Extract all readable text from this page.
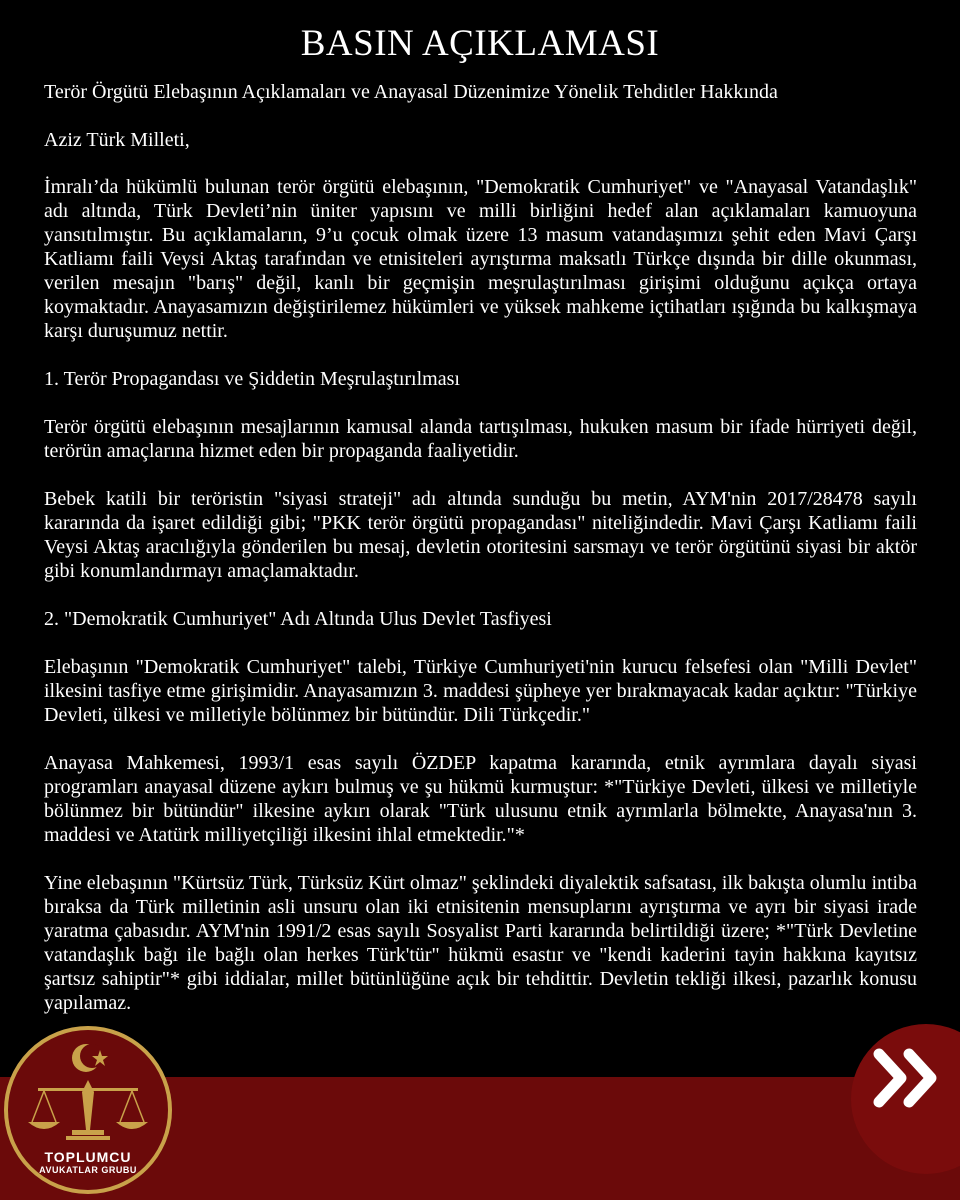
BASIN AÇIKLAMASI

Terör Örgütü Elebaşının Açıklamaları ve Anayasal Düzenimize Yönelik Tehditler Hakkında

Aziz Türk Milleti,

İmralı’da hükümlü bulunan terör örgütü elebaşının, "Demokratik Cumhuriyet" ve "Anayasal Vatandaşlık" adı altında, Türk Devleti’nin üniter yapısını ve milli birliğini hedef alan açıklamaları kamuoyuna yansıtılmıştır. Bu açıklamaların, 9’u çocuk olmak üzere 13 masum vatandaşımızı şehit eden Mavi Çarşı Katliamı faili Veysi Aktaş tarafından ve etnisiteleri ayrıştırma maksatlı Türkçe dışında bir dille okunması, verilen mesajın "barış" değil, kanlı bir geçmişin meşrulaştırılması girişimi olduğunu açıkça ortaya koymaktadır. Anayasamızın değiştirilemez hükümleri ve yüksek mahkeme içtihatları ışığında bu kalkışmaya karşı duruşumuz nettir.

1. Terör Propagandası ve Şiddetin Meşrulaştırılması

Terör örgütü elebaşının mesajlarının kamusal alanda tartışılması, hukuken masum bir ifade hürriyeti değil, terörün amaçlarına hizmet eden bir propaganda faaliyetidir.

Bebek katili bir teröristin "siyasi strateji" adı altında sunduğu bu metin, AYM'nin 2017/28478 sayılı kararında da işaret edildiği gibi; "PKK terör örgütü propagandası" niteliğindedir. Mavi Çarşı Katliamı faili Veysi Aktaş aracılığıyla gönderilen bu mesaj, devletin otoritesini sarsmayı ve terör örgütünü siyasi bir aktör gibi konumlandırmayı amaçlamaktadır.

2. "Demokratik Cumhuriyet" Adı Altında Ulus Devlet Tasfiyesi

Elebaşının "Demokratik Cumhuriyet" talebi, Türkiye Cumhuriyeti'nin kurucu felsefesi olan "Milli Devlet" ilkesini tasfiye etme girişimidir. Anayasamızın 3. maddesi şüpheye yer bırakmayacak kadar açıktır: "Türkiye Devleti, ülkesi ve milletiyle bölünmez bir bütündür. Dili Türkçedir."

Anayasa Mahkemesi, 1993/1 esas sayılı ÖZDEP kapatma kararında, etnik ayrımlara dayalı siyasi programları anayasal düzene aykırı bulmuş ve şu hükmü kurmuştur: *"Türkiye Devleti, ülkesi ve milletiyle bölünmez bir bütündür" ilkesine aykırı olarak "Türk ulusunu etnik ayrımlarla bölmekte, Anayasa'nın 3. maddesi ve Atatürk milliyetçiliği ilkesini ihlal etmektedir."*

Yine elebaşının "Kürtsüz Türk, Türksüz Kürt olmaz" şeklindeki diyalektik safsatası, ilk bakışta olumlu intiba bıraksa da Türk milletinin asli unsuru olan iki etnisitenin mensuplarını ayrıştırma ve ayrı bir siyasi irade yaratma çabasıdır. AYM'nin 1991/2 esas sayılı Sosyalist Parti kararında belirtildiği üzere; *"Türk Devletine vatandaşlık bağı ile bağlı olan herkes Türk'tür" hükmü esastır ve "kendi kaderini tayin hakkına kayıtsız şartsız sahiptir"* gibi iddialar, millet bütünlüğüne açık bir tehdittir. Devletin tekliği ilkesi, pazarlık konusu yapılamaz.

TOPLUMCU
AVUKATLAR GRUBU
